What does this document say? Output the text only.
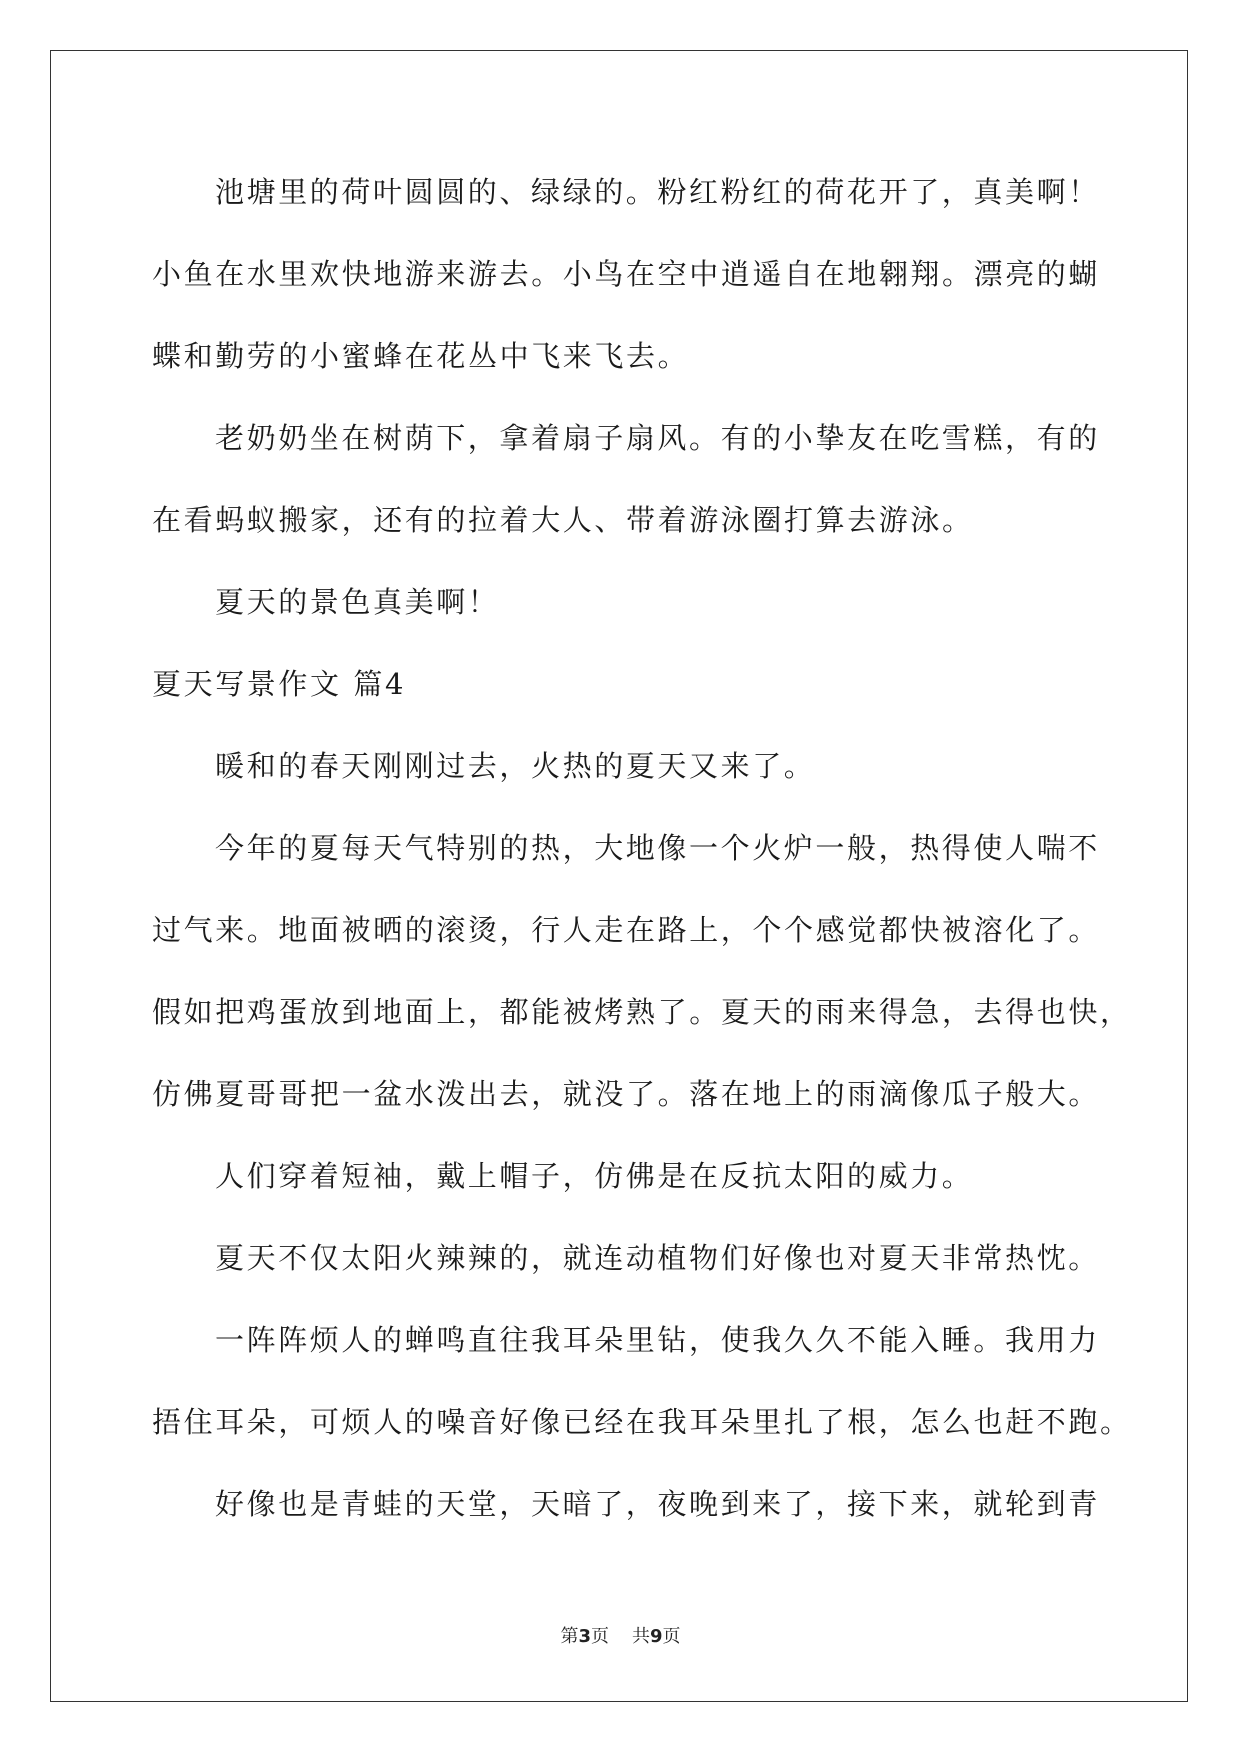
池塘里的荷叶圆圆的、绿绿的。粉红粉红的荷花开了，真美啊！
小鱼在水里欢快地游来游去。小鸟在空中逍遥自在地翱翔。漂亮的蝴
蝶和勤劳的小蜜蜂在花丛中飞来飞去。
老奶奶坐在树荫下，拿着扇子扇风。有的小挚友在吃雪糕，有的
在看蚂蚁搬家，还有的拉着大人、带着游泳圈打算去游泳。
夏天的景色真美啊！
夏天写景作文 篇4
暖和的春天刚刚过去，火热的夏天又来了。
今年的夏每天气特别的热，大地像一个火炉一般，热得使人喘不
过气来。地面被晒的滚烫，行人走在路上，个个感觉都快被溶化了。
假如把鸡蛋放到地面上，都能被烤熟了。夏天的雨来得急，去得也快，
仿佛夏哥哥把一盆水泼出去，就没了。落在地上的雨滴像瓜子般大。
人们穿着短袖，戴上帽子，仿佛是在反抗太阳的威力。
夏天不仅太阳火辣辣的，就连动植物们好像也对夏天非常热忱。
一阵阵烦人的蝉鸣直往我耳朵里钻，使我久久不能入睡。我用力
捂住耳朵，可烦人的噪音好像已经在我耳朵里扎了根，怎么也赶不跑。
好像也是青蛙的天堂，天暗了，夜晚到来了，接下来，就轮到青
第3页 共9页
